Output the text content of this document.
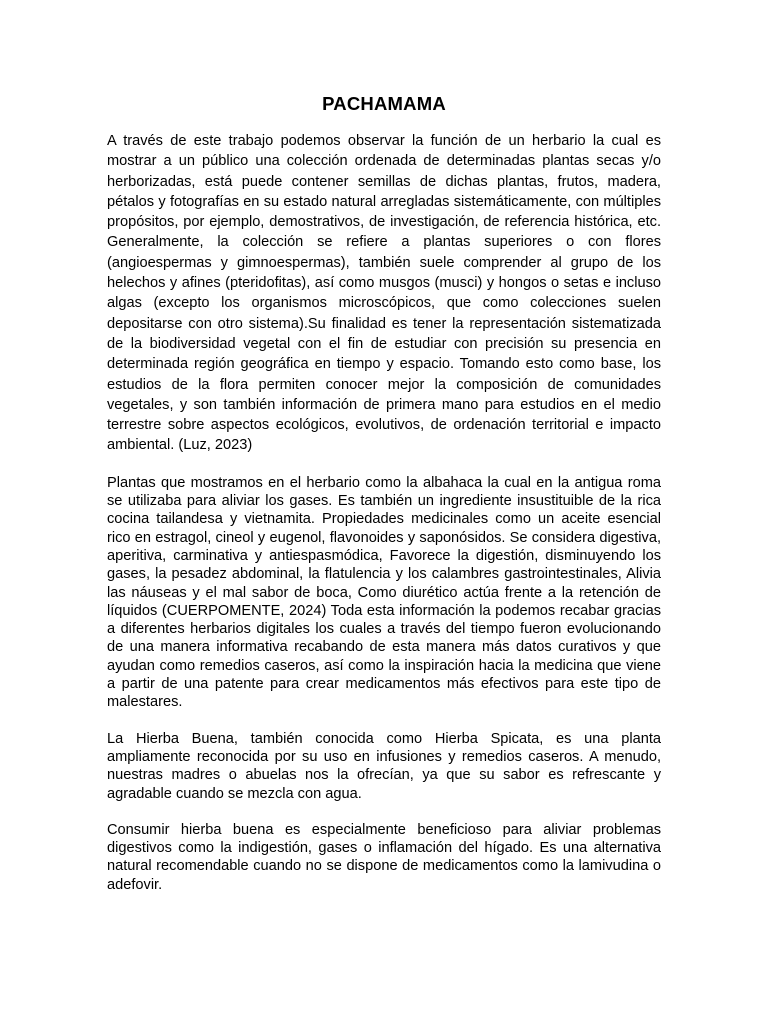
PACHAMAMA

A través de este trabajo podemos observar la función de un herbario la cual es mostrar a un público una colección ordenada de determinadas plantas secas y/o herborizadas, está puede contener semillas de dichas plantas, frutos, madera, pétalos y fotografías en su estado natural arregladas sistemáticamente, con múltiples propósitos, por ejemplo, demostrativos, de investigación, de referencia histórica, etc. Generalmente, la colección se refiere a plantas superiores o con flores (angioespermas y gimnoespermas), también suele comprender al grupo de los helechos y afines (pteridofitas), así como musgos (musci) y hongos o setas e incluso algas (excepto los organismos microscópicos, que como colecciones suelen depositarse con otro sistema).Su finalidad es tener la representación sistematizada de la biodiversidad vegetal con el fin de estudiar con precisión su presencia en determinada región geográfica en tiempo y espacio. Tomando esto como base, los estudios de la flora permiten conocer mejor la composición de comunidades vegetales, y son también información de primera mano para estudios en el medio terrestre sobre aspectos ecológicos, evolutivos, de ordenación territorial e impacto ambiental. (Luz, 2023)

Plantas que mostramos en el herbario como la albahaca la cual en la antigua roma se utilizaba para aliviar los gases. Es también un ingrediente insustituible de la rica cocina tailandesa y vietnamita. Propiedades medicinales como un aceite esencial rico en estragol, cineol y eugenol, flavonoides y saponósidos. Se considera digestiva, aperitiva, carminativa y antiespasmódica, Favorece la digestión, disminuyendo los gases, la pesadez abdominal, la flatulencia y los calambres gastrointestinales, Alivia las náuseas y el mal sabor de boca, Como diurético actúa frente a la retención de líquidos (CUERPOMENTE, 2024) Toda esta información la podemos recabar gracias a diferentes herbarios digitales los cuales a través del tiempo fueron evolucionando de una manera informativa recabando de esta manera más datos curativos y que ayudan como remedios caseros, así como la inspiración hacia la medicina que viene a partir de una patente para crear medicamentos más efectivos para este tipo de malestares.

La Hierba Buena, también conocida como Hierba Spicata, es una planta ampliamente reconocida por su uso en infusiones y remedios caseros. A menudo, nuestras madres o abuelas nos la ofrecían, ya que su sabor es refrescante y agradable cuando se mezcla con agua.

Consumir hierba buena es especialmente beneficioso para aliviar problemas digestivos como la indigestión, gases o inflamación del hígado. Es una alternativa natural recomendable cuando no se dispone de medicamentos como la lamivudina o adefovir.
